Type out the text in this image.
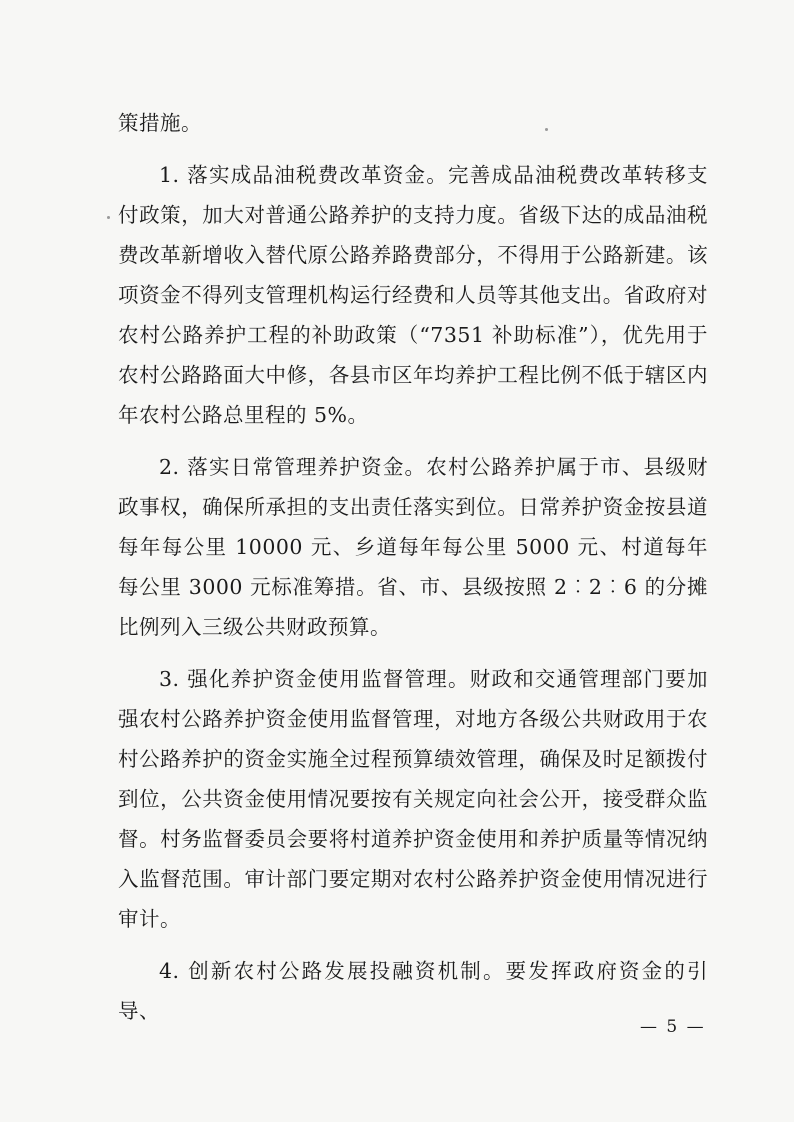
策措施。

1. 落实成品油税费改革资金。完善成品油税费改革转移支付政策，加大对普通公路养护的支持力度。省级下达的成品油税费改革新增收入替代原公路养路费部分，不得用于公路新建。该项资金不得列支管理机构运行经费和人员等其他支出。省政府对农村公路养护工程的补助政策（“7351 补助标准”），优先用于农村公路路面大中修，各县市区年均养护工程比例不低于辖区内年农村公路总里程的 5%。

2. 落实日常管理养护资金。农村公路养护属于市、县级财政事权，确保所承担的支出责任落实到位。日常养护资金按县道每年每公里 10000 元、乡道每年每公里 5000 元、村道每年每公里 3000 元标准筹措。省、市、县级按照 2︰2︰6 的分摊比例列入三级公共财政预算。

3. 强化养护资金使用监督管理。财政和交通管理部门要加强农村公路养护资金使用监督管理，对地方各级公共财政用于农村公路养护的资金实施全过程预算绩效管理，确保及时足额拨付到位，公共资金使用情况要按有关规定向社会公开，接受群众监督。村务监督委员会要将村道养护资金使用和养护质量等情况纳入监督范围。审计部门要定期对农村公路养护资金使用情况进行审计。

4. 创新农村公路发展投融资机制。要发挥政府资金的引导、

— 5 —
